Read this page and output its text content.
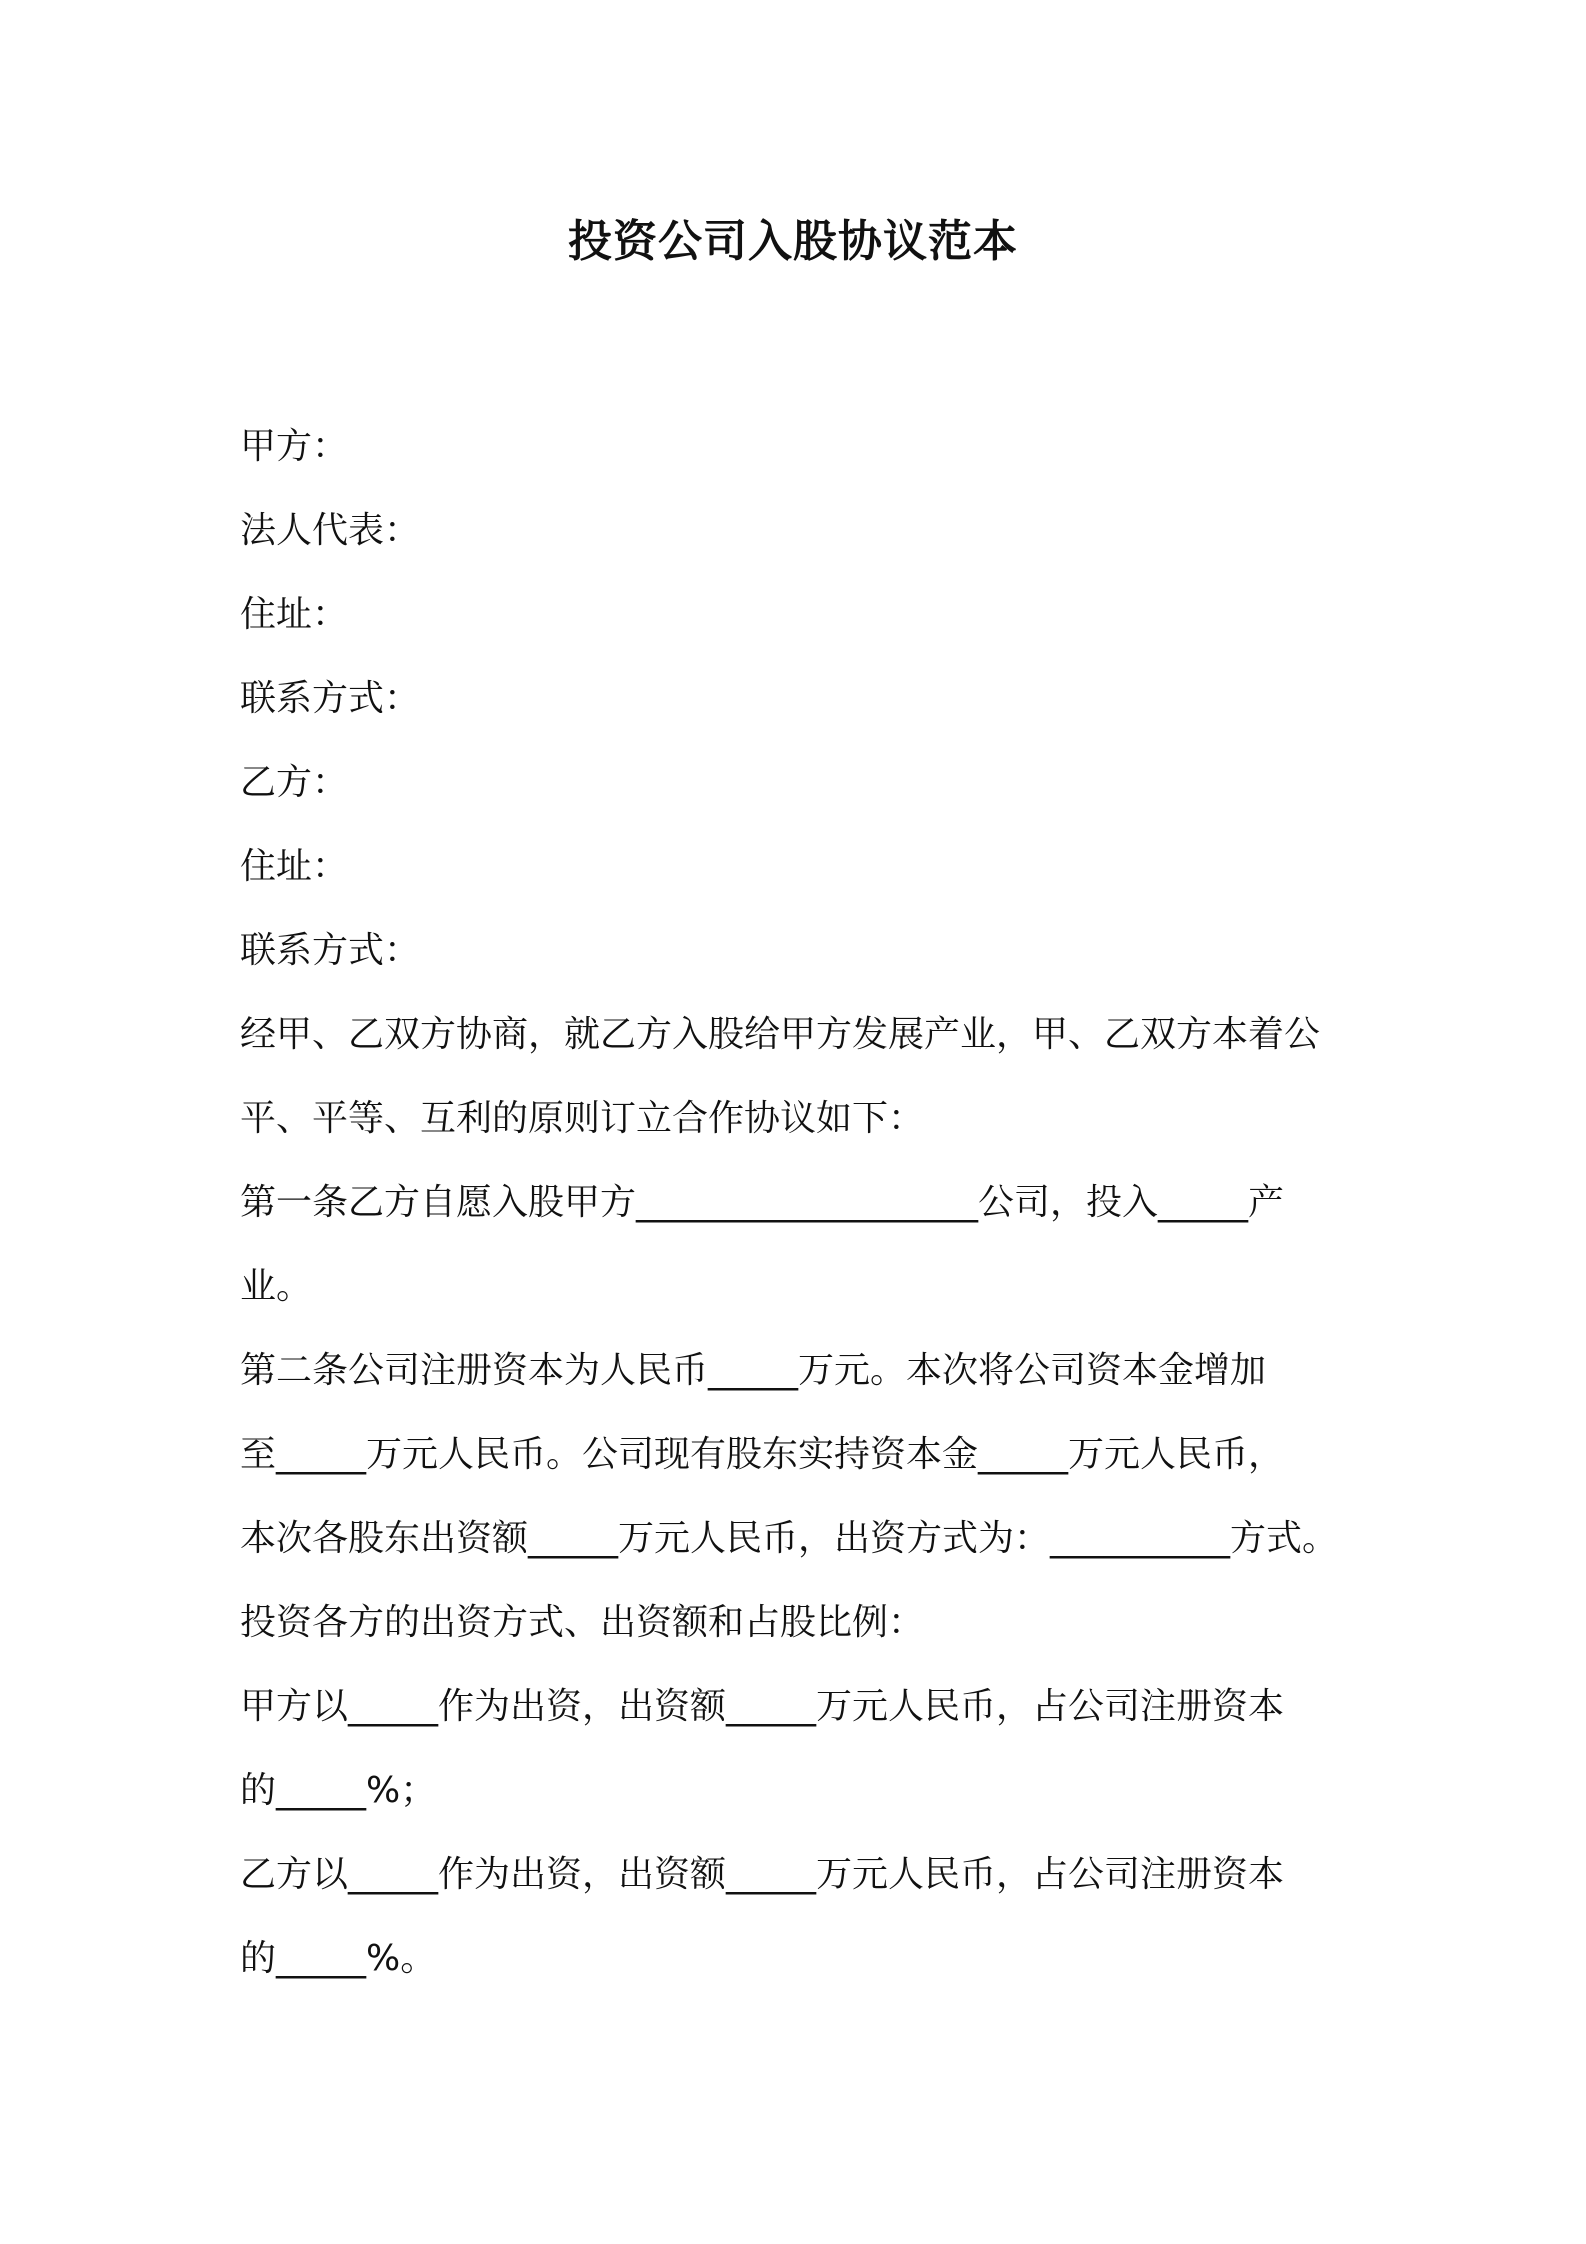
投资公司入股协议范本

甲方：

法人代表：

住址：

联系方式：

乙方：

住址：

联系方式：

经甲、乙双方协商，就乙方入股给甲方发展产业，甲、乙双方本着公

平、平等、互利的原则订立合作协议如下：

第一条乙方自愿入股甲方___________________公司，投入_____产

业。

第二条公司注册资本为人民币_____万元。本次将公司资本金增加

至_____万元人民币。公司现有股东实持资本金_____万元人民币，

本次各股东出资额_____万元人民币，出资方式为：__________方式。

投资各方的出资方式、出资额和占股比例：

甲方以_____作为出资，出资额_____万元人民币，占公司注册资本

的_____%；

乙方以_____作为出资，出资额_____万元人民币，占公司注册资本

的_____%。
